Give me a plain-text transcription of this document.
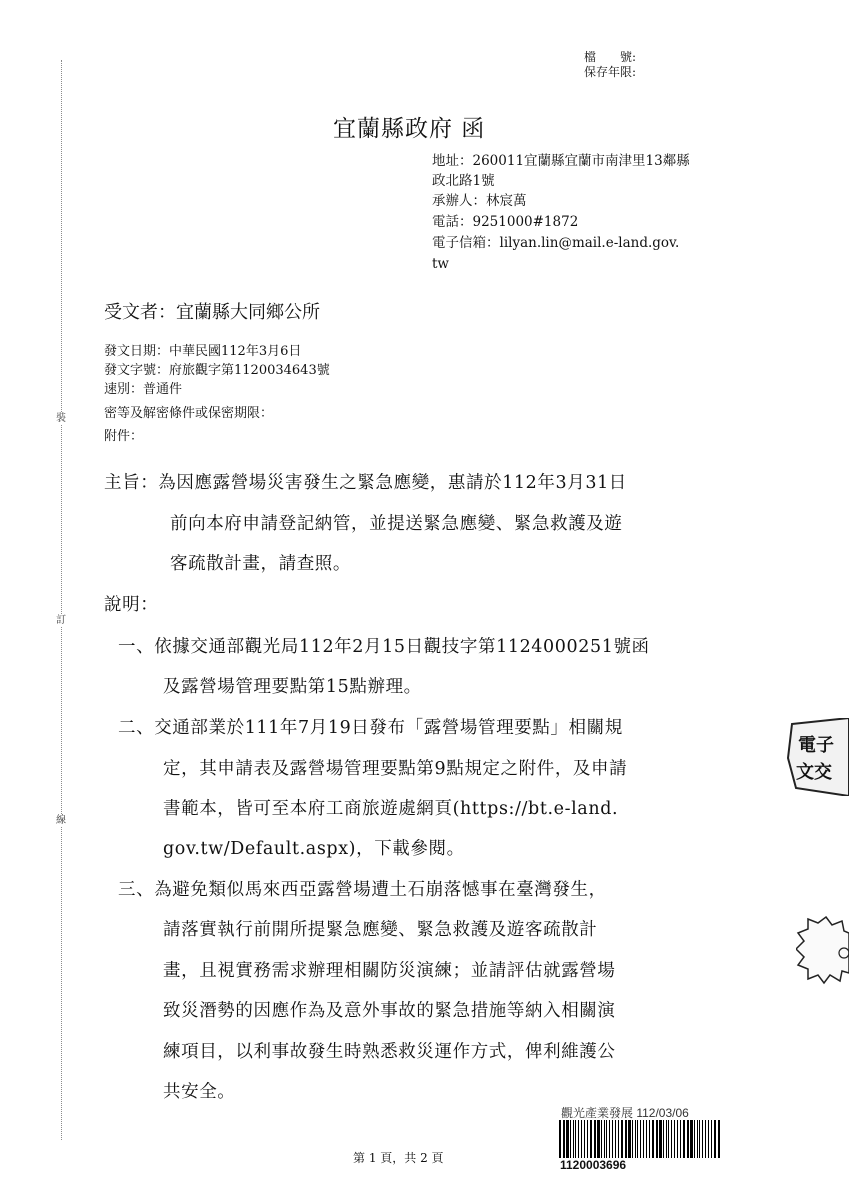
裝
訂
線
檔　　號:
保存年限:
宜蘭縣政府 函
地址：260011宜蘭縣宜蘭市南津里13鄰縣
政北路1號
承辦人：林宸萬
電話：9251000#1872
電子信箱：lilyan.lin@mail.e-land.gov.
tw
受文者：宜蘭縣大同鄉公所
發文日期：中華民國112年3月6日
發文字號：府旅觀字第1120034643號
速別：普通件
密等及解密條件或保密期限：
附件：
主旨：為因應露營場災害發生之緊急應變，惠請於112年3月31日
前向本府申請登記納管，並提送緊急應變、緊急救護及遊
客疏散計畫，請查照。
說明：
一、依據交通部觀光局112年2月15日觀技字第1124000251號函
及露營場管理要點第15點辦理。
二、交通部業於111年7月19日發布「露營場管理要點」相關規
定，其申請表及露營場管理要點第9點規定之附件，及申請
書範本，皆可至本府工商旅遊處網頁(https://bt.e-land.
gov.tw/Default.aspx)，下載參閱。
三、為避免類似馬來西亞露營場遭土石崩落憾事在臺灣發生，
請落實執行前開所提緊急應變、緊急救護及遊客疏散計
畫，且視實務需求辦理相關防災演練；並請評估就露營場
致災潛勢的因應作為及意外事故的緊急措施等納入相關演
練項目，以利事故發生時熟悉救災運作方式，俾利維護公
共安全。
電子
文交
第 1 頁，共 2 頁
觀光產業發展 112/03/06
1120003696
